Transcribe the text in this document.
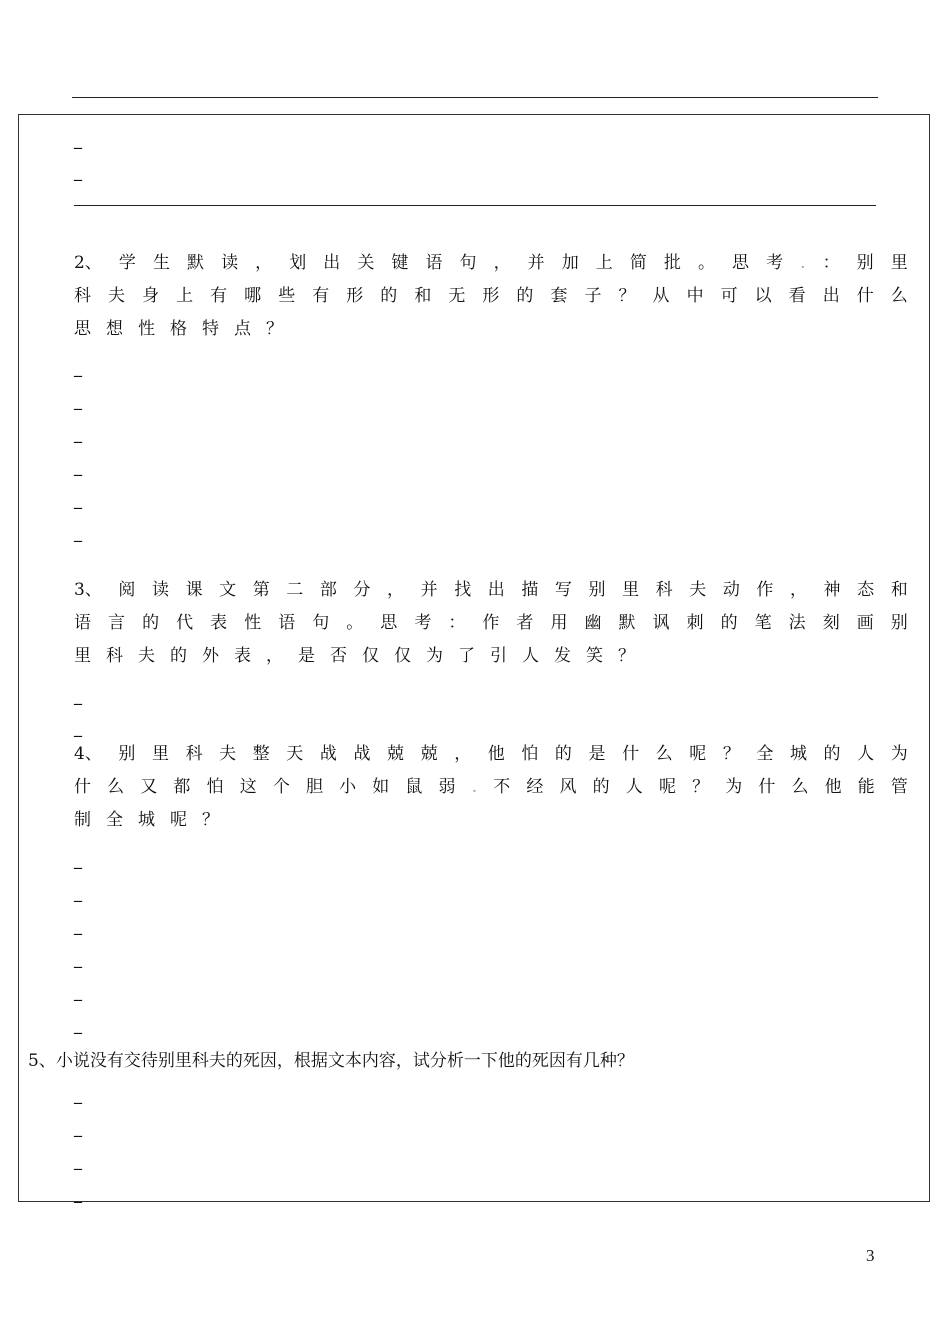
_
_
2、 学 生 默 读 ， 划 出 关 键 语 句 ， 并 加 上 简 批 。 思 考 . ： 别 里
科 夫 身 上 有 哪 些 有 形 的 和 无 形 的 套 子 ？ 从 中 可 以 看 出 什 么
思 想 性 格 特 点 ？
_
_
_
_
_
_
3、 阅 读 课 文 第 二 部 分 ， 并 找 出 描 写 别 里 科 夫 动 作 ， 神 态 和
语 言 的 代 表 性 语 句 。 思 考 ： 作 者 用 幽 默 讽 刺 的 笔 法 刻 画 别
里 科 夫 的 外 表 ， 是 否 仅 仅 为 了 引 人 发 笑 ？
_
_
4、 别 里 科 夫 整 天 战 战 兢 兢 ， 他 怕 的 是 什 么 呢 ？ 全 城 的 人 为
什 么 又 都 怕 这 个 胆 小 如 鼠 弱 . 不 经 风 的 人 呢 ？ 为 什 么 他 能 管
制 全 城 呢 ？
_
_
_
_
_
_
5、小说没有交待别里科夫的死因，根据文本内容，试分析一下他的死因有几种？
_
_
_
_
3
